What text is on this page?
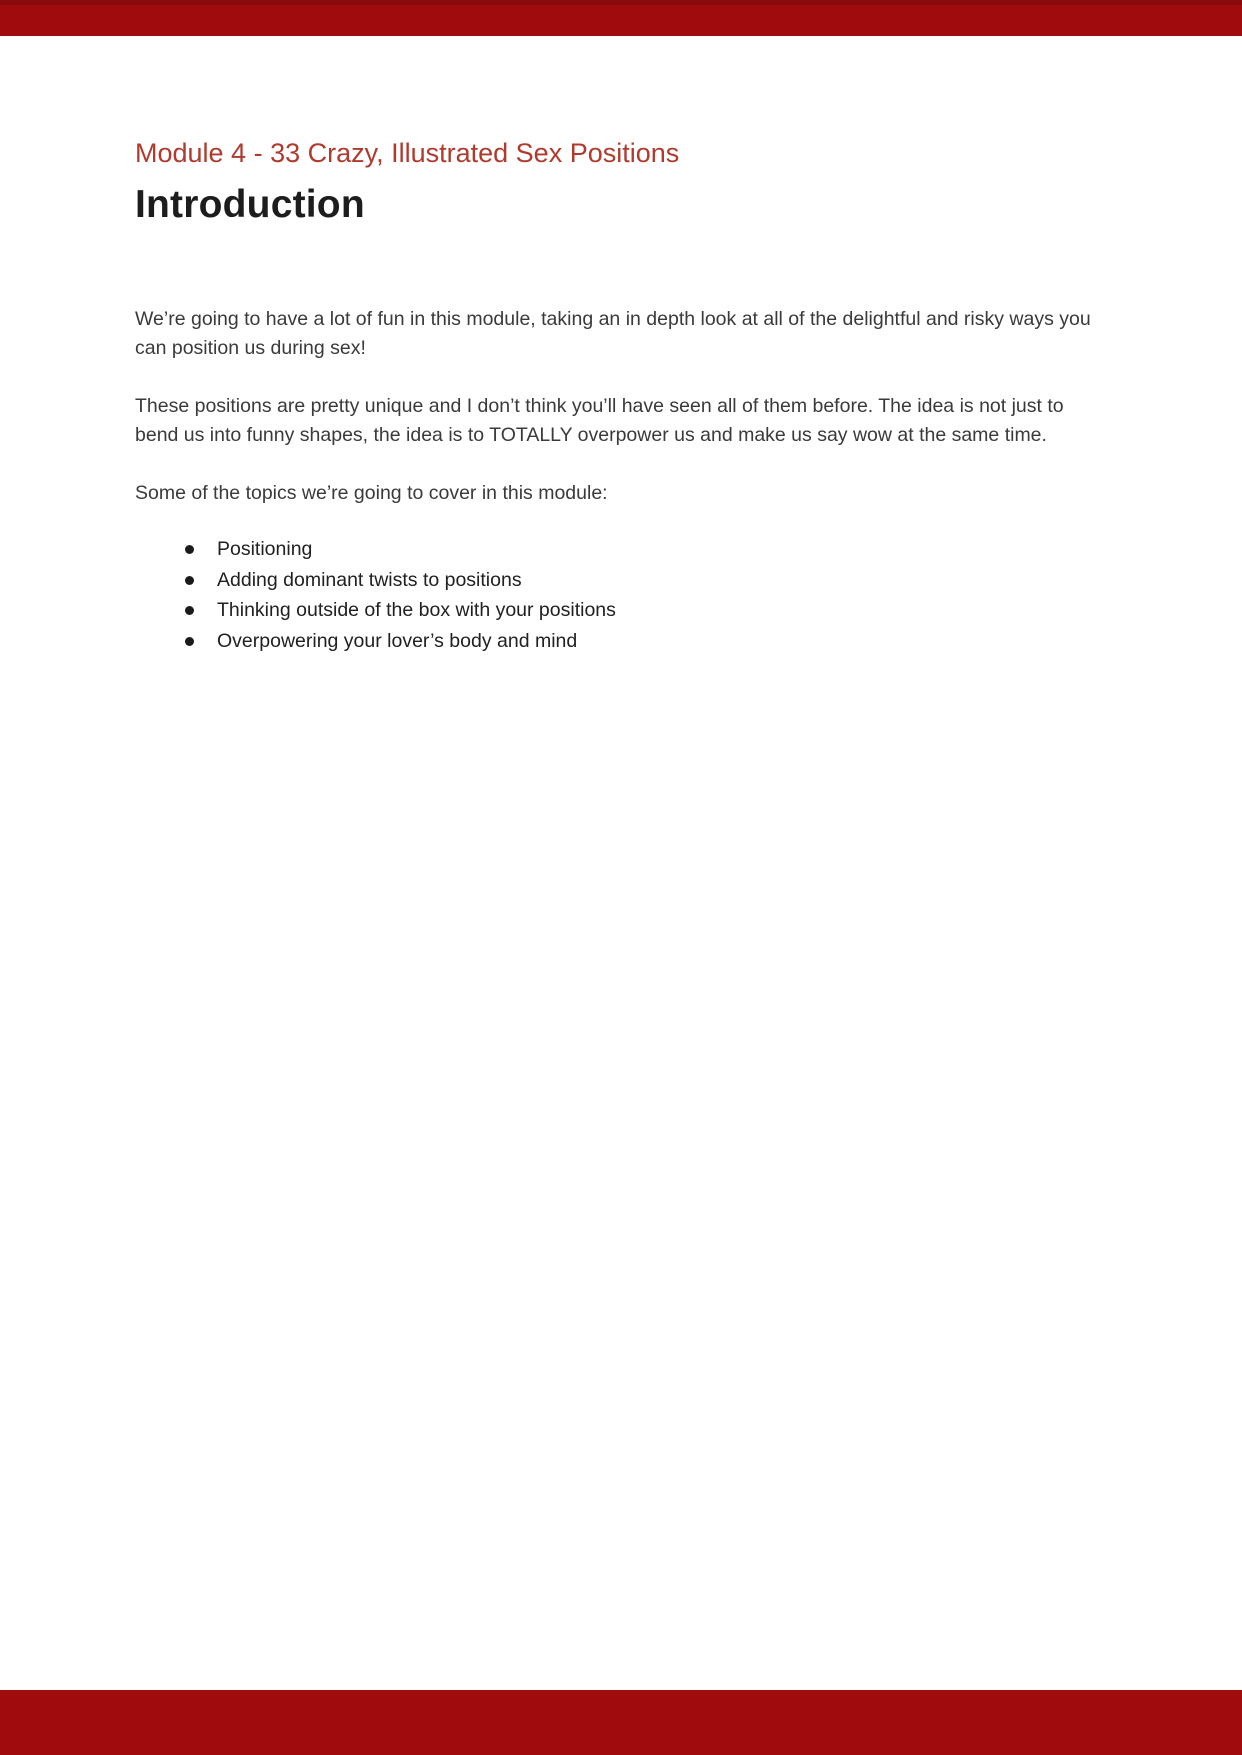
Module 4 - 33 Crazy, Illustrated Sex Positions
Introduction

We’re going to have a lot of fun in this module, taking an in depth look at all of the delightful and risky ways you can position us during sex!

These positions are pretty unique and I don’t think you’ll have seen all of them before. The idea is not just to bend us into funny shapes, the idea is to TOTALLY overpower us and make us say wow at the same time.

Some of the topics we’re going to cover in this module:

Positioning
Adding dominant twists to positions
Thinking outside of the box with your positions
Overpowering your lover’s body and mind
